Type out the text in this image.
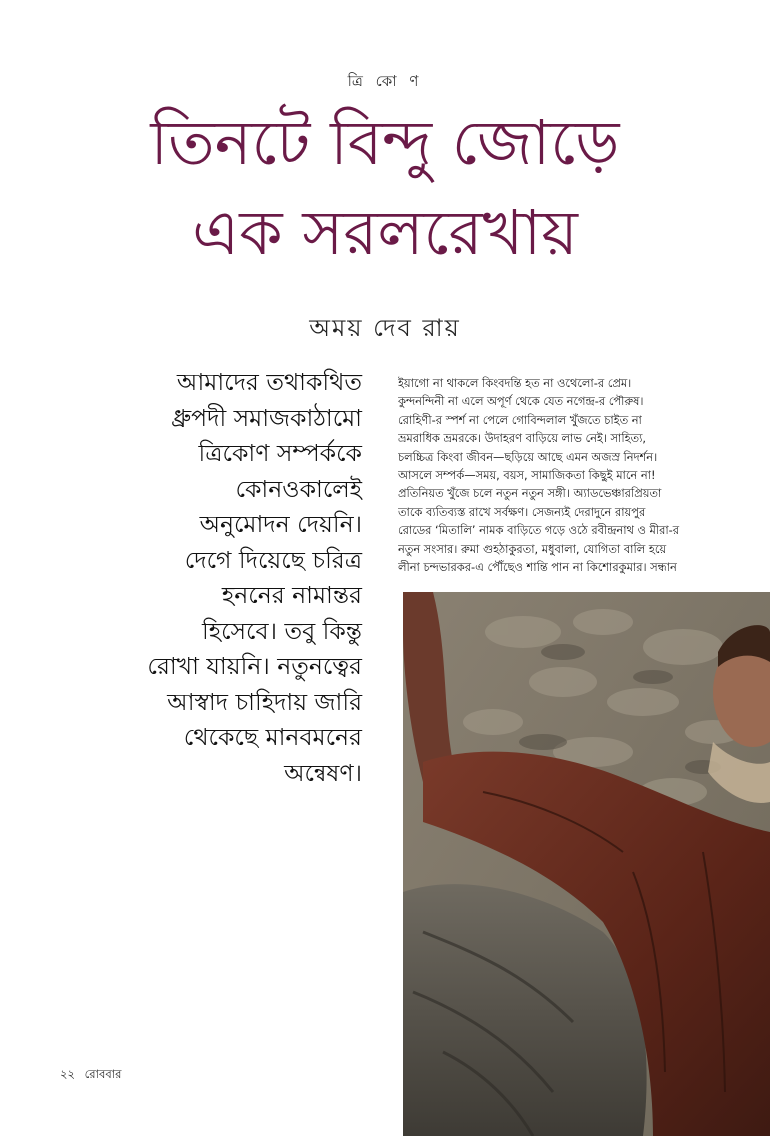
ত্রি কো ণ
তিনটে বিন্দু জোড়ে
এক সরলরেখায়
অময় দেব রায়
আমাদের তথাকথিত
ধ্রুপদী সমাজকাঠামো
ত্রিকোণ সম্পর্ককে
কোনওকালেই
অনুমোদন দেয়নি।
দেগে দিয়েছে চরিত্র
হননের নামান্তর
হিসেবে। তবু কিন্তু
রোখা যায়নি। নতুনত্বের
আস্বাদ চাহিদায় জারি
থেকেছে মানবমনের
অন্বেষণ।
ইয়াগো না থাকলে কিংবদন্তি হত না ওথেলো-র প্রেম।
কুন্দনন্দিনী না এলে অপূর্ণ থেকে যেত নগেন্দ্র-র পৌরুষ।
রোহিণী-র স্পর্শ না পেলে গোবিন্দলাল খুঁজতে চাইত না
ভ্রমরাধিক ভ্রমরকে। উদাহরণ বাড়িয়ে লাভ নেই। সাহিত্য,
চলচ্চিত্র কিংবা জীবন—ছড়িয়ে আছে এমন অজস্র নিদর্শন।
আসলে সম্পর্ক—সময়, বয়স, সামাজিকতা কিছুই মানে না!
প্রতিনিয়ত খুঁজে চলে নতুন নতুন সঙ্গী। অ্যাডভেঞ্চারপ্রিয়তা
তাকে ব্যতিব্যস্ত রাখে সর্বক্ষণ। সেজন্যই দেরাদুনে রায়পুর
রোডের ‘মিতালি’ নামক বাড়িতে গড়ে ওঠে রবীন্দ্রনাথ ও মীরা-র
নতুন সংসার। রুমা গুহঠাকুরতা, মধুবালা, যোগিতা বালি হয়ে
লীনা চন্দভারকর-এ পৌঁছেও শান্তি পান না কিশোরকুমার। সন্ধান
২২ রোববার
